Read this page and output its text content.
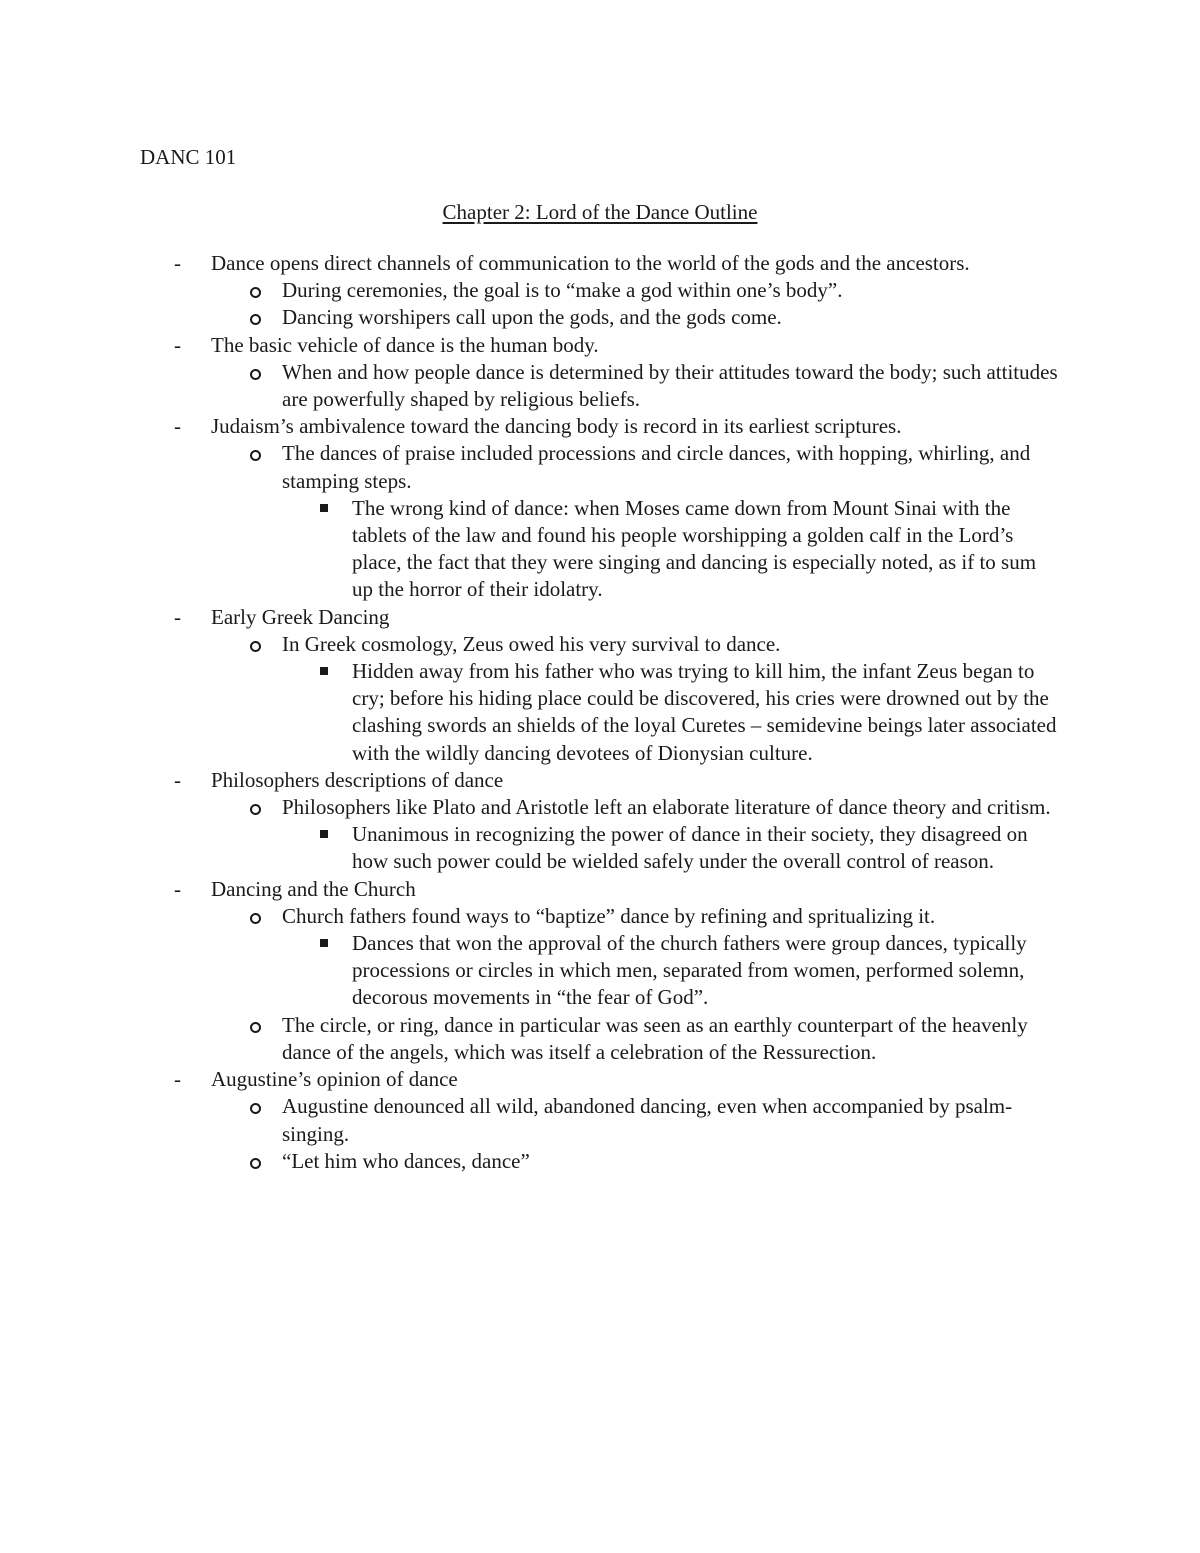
DANC 101
Chapter 2: Lord of the Dance Outline
- Dance opens direct channels of communication to the world of the gods and the ancestors.
During ceremonies, the goal is to “make a god within one’s body”.
Dancing worshipers call upon the gods, and the gods come.
- The basic vehicle of dance is the human body.
When and how people dance is determined by their attitudes toward the body; such attitudes are powerfully shaped by religious beliefs.
- Judaism’s ambivalence toward the dancing body is record in its earliest scriptures.
The dances of praise included processions and circle dances, with hopping, whirling, and stamping steps.
The wrong kind of dance: when Moses came down from Mount Sinai with the tablets of the law and found his people worshipping a golden calf in the Lord’s place, the fact that they were singing and dancing is especially noted, as if to sum up the horror of their idolatry.
- Early Greek Dancing
In Greek cosmology, Zeus owed his very survival to dance.
Hidden away from his father who was trying to kill him, the infant Zeus began to cry; before his hiding place could be discovered, his cries were drowned out by the clashing swords an shields of the loyal Curetes – semidevine beings later associated with the wildly dancing devotees of Dionysian culture.
- Philosophers descriptions of dance
Philosophers like Plato and Aristotle left an elaborate literature of dance theory and critism.
Unanimous in recognizing the power of dance in their society, they disagreed on how such power could be wielded safely under the overall control of reason.
- Dancing and the Church
Church fathers found ways to “baptize” dance by refining and spritualizing it.
Dances that won the approval of the church fathers were group dances, typically processions or circles in which men, separated from women, performed solemn, decorous movements in “the fear of God”.
The circle, or ring, dance in particular was seen as an earthly counterpart of the heavenly dance of the angels, which was itself a celebration of the Ressurection.
- Augustine’s opinion of dance
Augustine denounced all wild, abandoned dancing, even when accompanied by psalm-singing.
“Let him who dances, dance”
